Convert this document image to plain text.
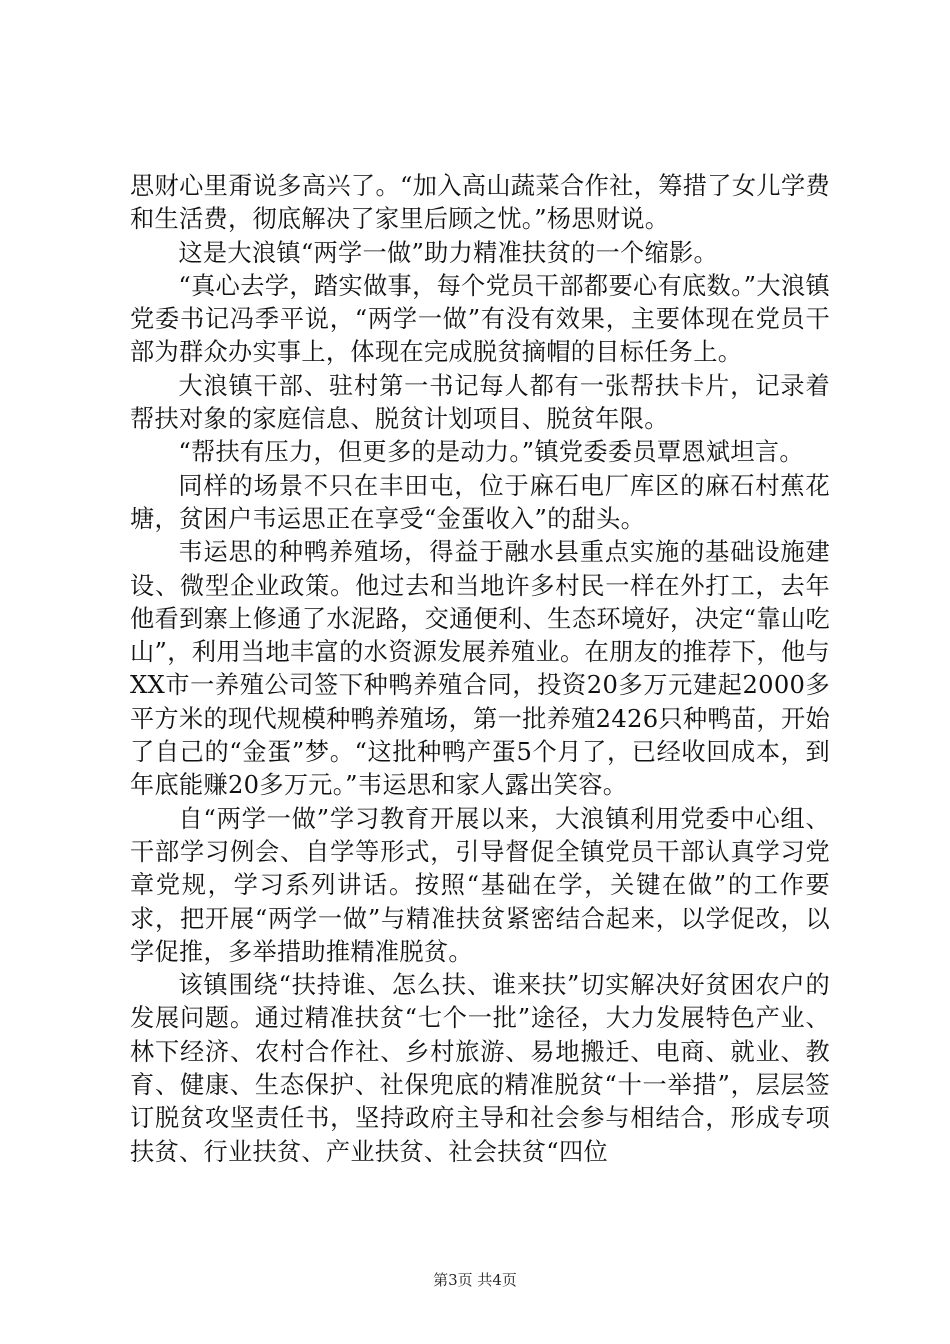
思财心里甭说多高兴了。“加入高山蔬菜合作社，筹措了女儿学费和生活费，彻底解决了家里后顾之忧。”杨思财说。

这是大浪镇“两学一做”助力精准扶贫的一个缩影。

“真心去学，踏实做事，每个党员干部都要心有底数。”大浪镇党委书记冯季平说，“两学一做”有没有效果，主要体现在党员干部为群众办实事上，体现在完成脱贫摘帽的目标任务上。

大浪镇干部、驻村第一书记每人都有一张帮扶卡片，记录着帮扶对象的家庭信息、脱贫计划项目、脱贫年限。

“帮扶有压力，但更多的是动力。”镇党委委员覃恩斌坦言。

同样的场景不只在丰田屯，位于麻石电厂库区的麻石村蕉花塘，贫困户韦运思正在享受“金蛋收入”的甜头。

韦运思的种鸭养殖场，得益于融水县重点实施的基础设施建设、微型企业政策。他过去和当地许多村民一样在外打工，去年他看到寨上修通了水泥路，交通便利、生态环境好，决定“靠山吃山”，利用当地丰富的水资源发展养殖业。在朋友的推荐下，他与XX市一养殖公司签下种鸭养殖合同，投资20多万元建起2000多平方米的现代规模种鸭养殖场，第一批养殖2426只种鸭苗，开始了自己的“金蛋”梦。“这批种鸭产蛋5个月了，已经收回成本，到年底能赚20多万元。”韦运思和家人露出笑容。

自“两学一做”学习教育开展以来，大浪镇利用党委中心组、干部学习例会、自学等形式，引导督促全镇党员干部认真学习党章党规，学习系列讲话。按照“基础在学，关键在做”的工作要求，把开展“两学一做”与精准扶贫紧密结合起来，以学促改，以学促推，多举措助推精准脱贫。

该镇围绕“扶持谁、怎么扶、谁来扶”切实解决好贫困农户的发展问题。通过精准扶贫“七个一批”途径，大力发展特色产业、林下经济、农村合作社、乡村旅游、易地搬迁、电商、就业、教育、健康、生态保护、社保兜底的精准脱贫“十一举措”，层层签订脱贫攻坚责任书，坚持政府主导和社会参与相结合，形成专项扶贫、行业扶贫、产业扶贫、社会扶贫“四位

第3页 共4页
